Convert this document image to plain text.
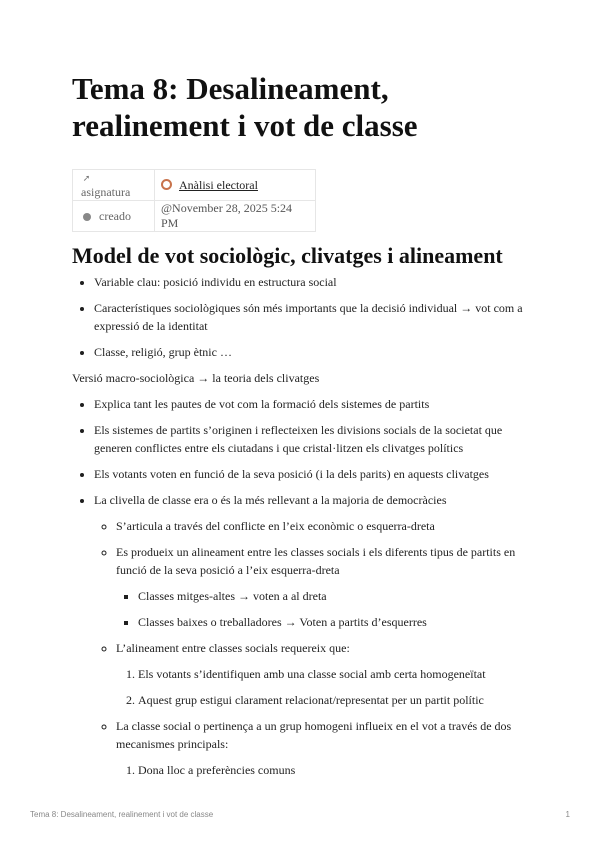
Tema 8: Desalineament, realinement i vot de classe
➚asignatura	Anàlisi electoral
creado	@November 28, 2025 5:24 PM
Model de vot sociològic, clivatges i alineament
• Variable clau: posició individu en estructura social
• Característiques sociològiques són més importants que la decisió individual → vot com a expressió de la identitat
• Classe, religió, grup ètnic …

Versió macro-sociològica → la teoria dels clivatges

• Explica tant les pautes de vot com la formació dels sistemes de partits
• Els sistemes de partits s’originen i reflecteixen les divisions socials de la societat que generen conflictes entre els ciutadans i que cristal·litzen els clivatges polítics
• Els votants voten en funció de la seva posició (i la dels parits) en aquests clivatges
• La clivella de classe era o és la més rellevant a la majoria de democràcies
◦ S’articula a través del conflicte en l’eix econòmic o esquerra-dreta
◦ Es produeix un alineament entre les classes socials i els diferents tipus de partits en funció de la seva posició a l’eix esquerra-dreta
▪ Classes mitges-altes → voten a al dreta
▪ Classes baixes o treballadores → Voten a partits d’esquerres
◦ L’alineament entre classes socials requereix que:
1. Els votants s’identifiquen amb una classe social amb certa homogeneïtat
2. Aquest grup estigui clarament relacionat/representat per un partit polític
◦ La classe social o pertinença a un grup homogeni influeix en el vot a través de dos mecanismes principals:
1. Dona lloc a preferències comuns
Tema 8: Desalineament, realinement i vot de classe	1
